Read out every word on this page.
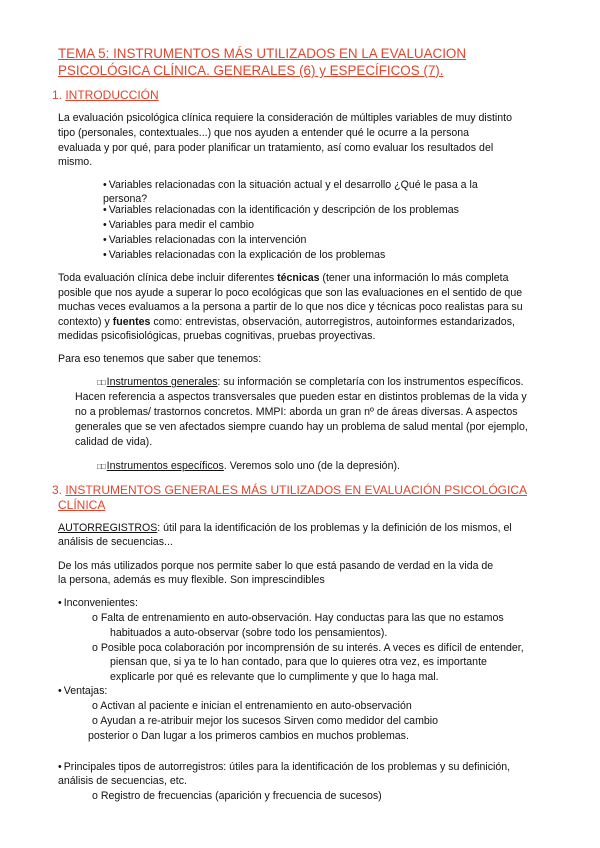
TEMA 5: INSTRUMENTOS MÁS UTILIZADOS EN LA EVALUACION
PSICOLÓGICA CLÍNICA. GENERALES (6) y ESPECÍFICOS (7).
1. INTRODUCCIÓN
La evaluación psicológica clínica requiere la consideración de múltiples variables de muy distinto
tipo (personales, contextuales...) que nos ayuden a entender qué le ocurre a la persona
evaluada y por qué, para poder planificar un tratamiento, así como evaluar los resultados del
mismo.
• Variables relacionadas con la situación actual y el desarrollo ¿Qué le pasa a la
persona?
• Variables relacionadas con la identificación y descripción de los problemas
• Variables para medir el cambio
• Variables relacionadas con la intervención
• Variables relacionadas con la explicación de los problemas
Toda evaluación clínica debe incluir diferentes técnicas (tener una información lo más completa
posible que nos ayude a superar lo poco ecológicas que son las evaluaciones en el sentido de que
muchas veces evaluamos a la persona a partir de lo que nos dice y técnicas poco realistas para su
contexto) y fuentes como: entrevistas, observación, autorregistros, autoinformes estandarizados,
medidas psicofisiológicas, pruebas cognitivas, pruebas proyectivas.
Para eso tenemos que saber que tenemos:
□□ Instrumentos generales: su información se completaría con los instrumentos específicos.
Hacen referencia a aspectos transversales que pueden estar en distintos problemas de la vida y
no a problemas/ trastornos concretos. MMPI: aborda un gran nº de áreas diversas. A aspectos
generales que se ven afectados siempre cuando hay un problema de salud mental (por ejemplo,
calidad de vida).
□□ Instrumentos específicos. Veremos solo uno (de la depresión).
3. INSTRUMENTOS GENERALES MÁS UTILIZADOS EN EVALUACIÓN PSICOLÓGICA
CLÍNICA
AUTORREGISTROS: útil para la identificación de los problemas y la definición de los mismos, el
análisis de secuencias...
De los más utilizados porque nos permite saber lo que está pasando de verdad en la vida de
la persona, además es muy flexible. Son imprescindibles
• Inconvenientes:
o Falta de entrenamiento en auto-observación. Hay conductas para las que no estamos
habituados a auto-observar (sobre todo los pensamientos).
o Posible poca colaboración por incomprensión de su interés. A veces es difícil de entender,
piensan que, si ya te lo han contado, para que lo quieres otra vez, es importante
explicarle por qué es relevante que lo cumplimente y que lo haga mal.
• Ventajas:
o Activan al paciente e inician el entrenamiento en auto-observación
o Ayudan a re-atribuir mejor los sucesos Sirven como medidor del cambio
posterior o Dan lugar a los primeros cambios en muchos problemas.
• Principales tipos de autorregistros: útiles para la identificación de los problemas y su definición,
análisis de secuencias, etc.
o Registro de frecuencias (aparición y frecuencia de sucesos)
